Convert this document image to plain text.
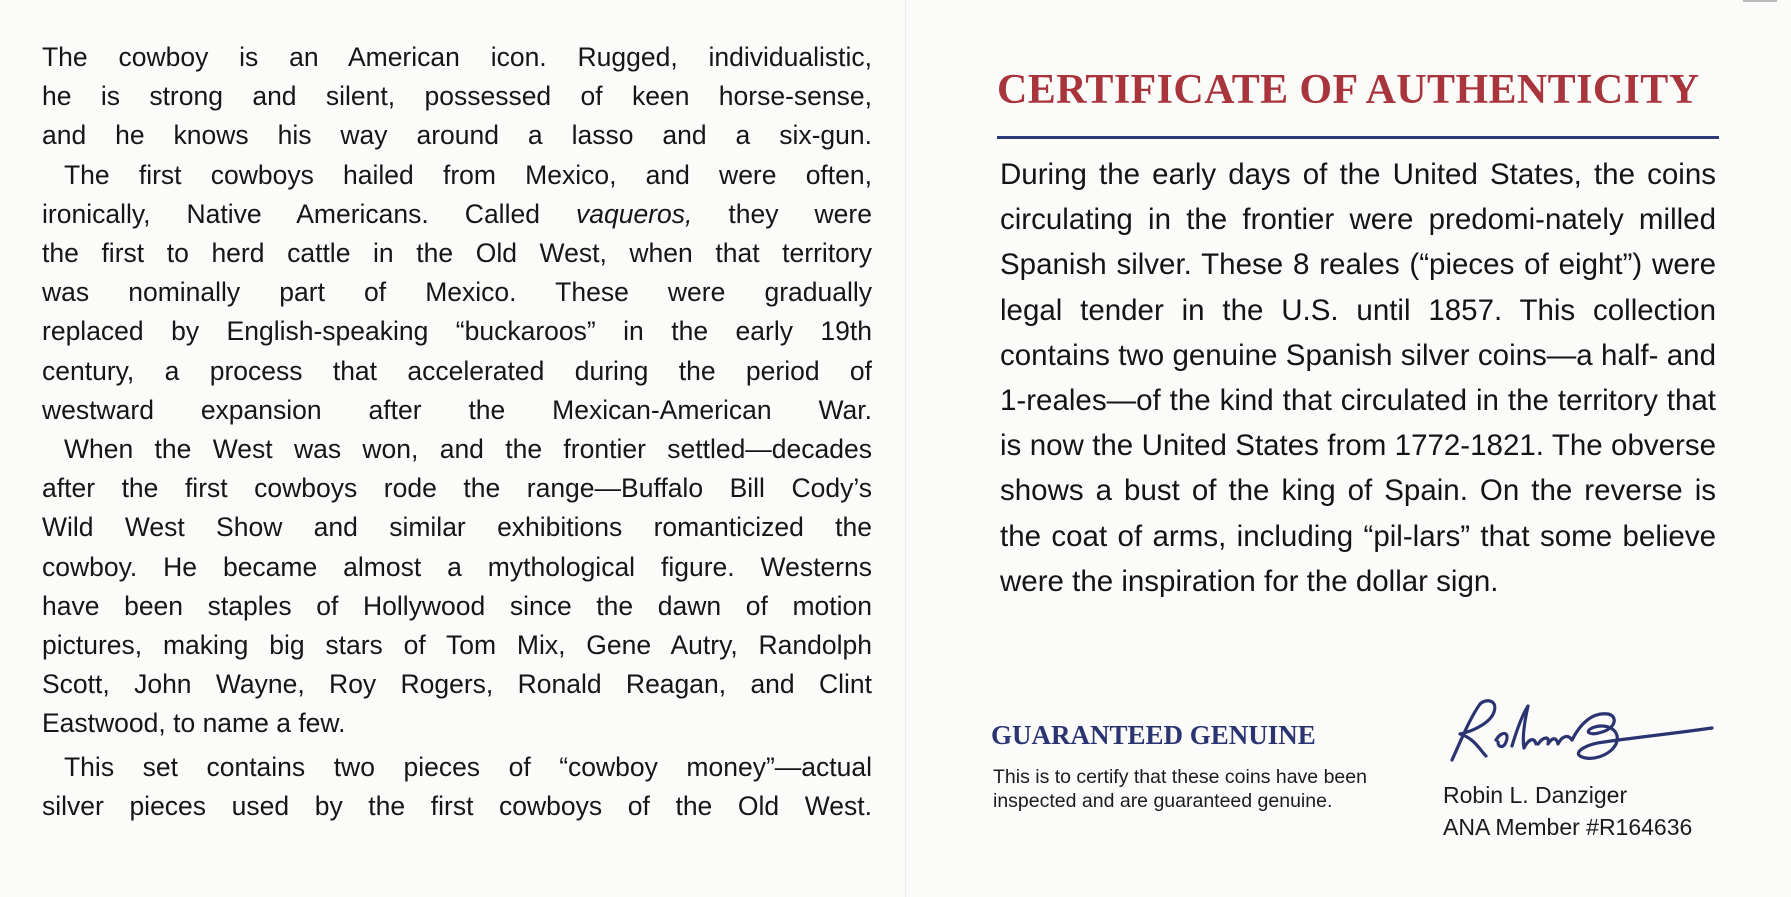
The cowboy is an American icon. Rugged, individualistic,

he is strong and silent, possessed of keen horse-sense,

and he knows his way around a lasso and a six-gun.

The first cowboys hailed from Mexico, and were often,

ironically, Native Americans. Called vaqueros, they were

the first to herd cattle in the Old West, when that territory

was nominally part of Mexico. These were gradually

replaced by English-speaking “buckaroos” in the early 19th

century, a process that accelerated during the period of

westward expansion after the Mexican-American War.

When the West was won, and the frontier settled—decades

after the first cowboys rode the range—Buffalo Bill Cody’s

Wild West Show and similar exhibitions romanticized the

cowboy. He became almost a mythological figure. Westerns

have been staples of Hollywood since the dawn of motion

pictures, making big stars of Tom Mix, Gene Autry, Randolph

Scott, John Wayne, Roy Rogers, Ronald Reagan, and Clint

Eastwood, to name a few.

This set contains two pieces of “cowboy money”—actual

silver pieces used by the first cowboys of the Old West.

CERTIFICATE OF AUTHENTICITY

During the early days of the United States, the coins circulating in the frontier were predomi-nately milled Spanish silver. These 8 reales (“pieces of eight”) were legal tender in the U.S. until 1857. This collection contains two genuine Spanish silver coins—a half- and 1-reales—of the kind that circulated in the territory that is now the United States from 1772-1821. The obverse shows a bust of the king of Spain. On the reverse is the coat of arms, including “pil-lars” that some believe were the inspiration for the dollar sign.

GUARANTEED GENUINE
This is to certify that these coins have been inspected and are guaranteed genuine.	Robin L. Danziger
ANA Member #R164636
